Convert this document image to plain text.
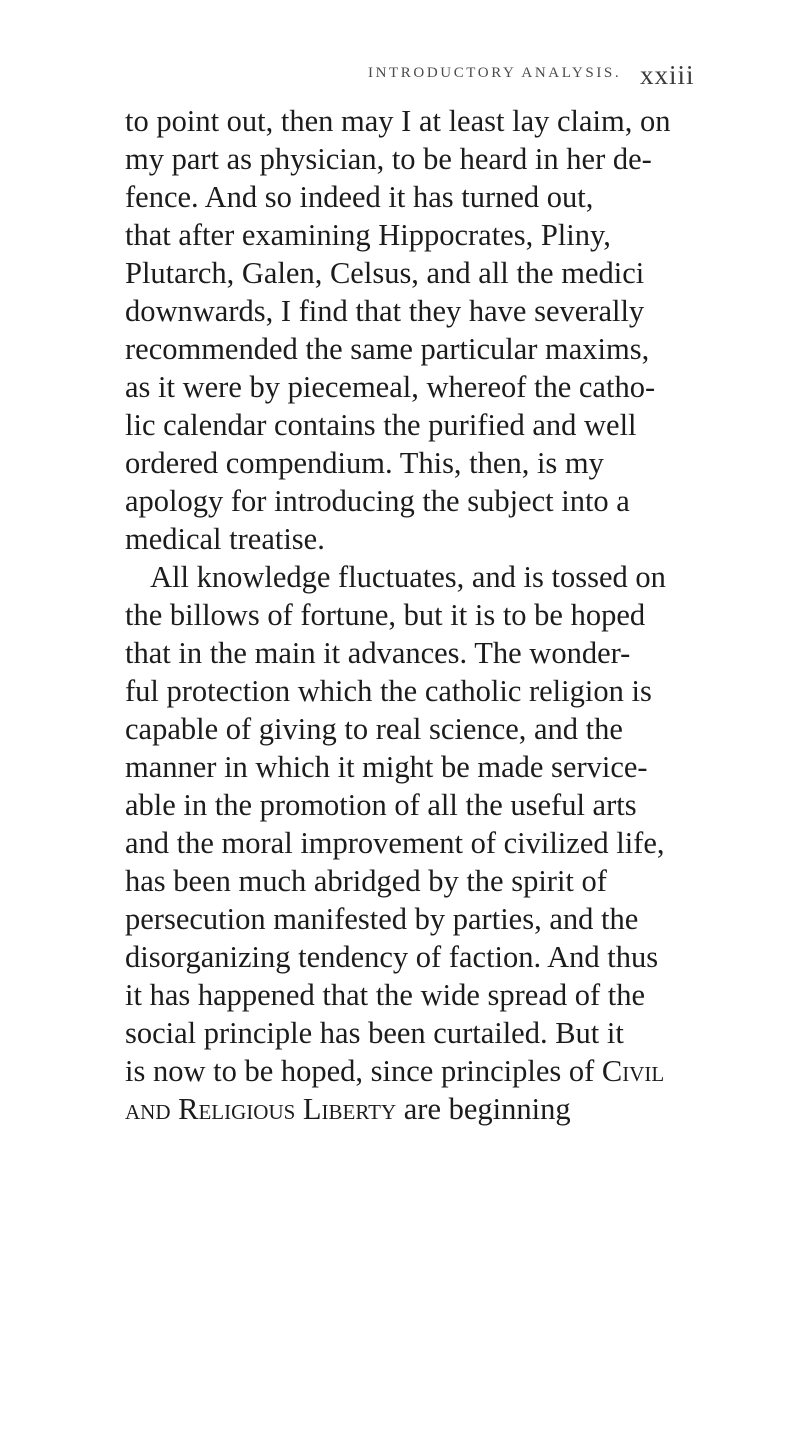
INTRODUCTORY ANALYSIS. xxiii
to point out, then may I at least lay claim, on
my part as physician, to be heard in her de-
fence. And so indeed it has turned out,
that after examining Hippocrates, Pliny,
Plutarch, Galen, Celsus, and all the medici
downwards, I find that they have severally
recommended the same particular maxims,
as it were by piecemeal, whereof the catho-
lic calendar contains the purified and well
ordered compendium. This, then, is my
apology for introducing the subject into a
medical treatise.
All knowledge fluctuates, and is tossed on
the billows of fortune, but it is to be hoped
that in the main it advances. The wonder-
ful protection which the catholic religion is
capable of giving to real science, and the
manner in which it might be made service-
able in the promotion of all the useful arts
and the moral improvement of civilized life,
has been much abridged by the spirit of
persecution manifested by parties, and the
disorganizing tendency of faction. And thus
it has happened that the wide spread of the
social principle has been curtailed. But it
is now to be hoped, since principles of Civil
and Religious Liberty are beginning
